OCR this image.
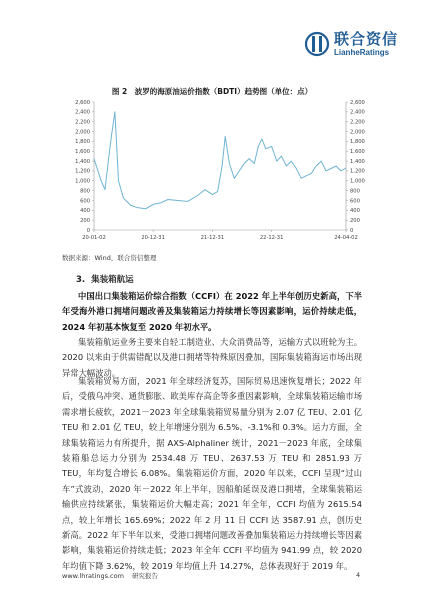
联合资信
LianheRatings
图 2　波罗的海原油运价指数（BDTI）趋势图（单位：点）
0	0
200	200
400	400
600	600
800	800
1,000	1,000
1,200	1,200
1,400	1,400
1,600	1,600
1,800	1,800
2,000	2,000
2,200	2,200
2,400	2,400
2,600	2,600
20-01-02	20-12-31	21-12-31	22-12-31	24-04-02
数据来源：Wind，联合资信整理
3. 集装箱航运
中国出口集装箱运价综合指数（CCFI）在 2022 年上半年创历史新高，下半年受海外港口拥堵问题改善及集装箱运力持续增长等因素影响，运价持续走低，2024 年初基本恢复至 2020 年初水平。
集装箱航运业务主要来自轻工制造业、大众消费品等，运输方式以班轮为主。2020 以来由于供需错配以及港口拥堵等特殊原因叠加，国际集装箱海运市场出现异常大幅波动。
集装箱贸易方面，2021 年全球经济复苏，国际贸易迅速恢复增长；2022 年后，受俄乌冲突、通货膨胀、欧美库存高企等多重因素影响，全球集装箱运输市场需求增长疲软，2021－2023 年全球集装箱贸易量分别为 2.07 亿 TEU、2.01 亿 TEU 和 2.01 亿 TEU，较上年增速分别为 6.5%、-3.1%和 0.3%。运力方面，全球集装箱运力有所提升，据 AXS-Alphaliner 统计，2021－2023 年底，全球集装箱船总运力分别为 2534.48 万 TEU、2637.53 万 TEU 和 2851.93 万 TEU，年均复合增长 6.08%。集装箱运价方面，2020 年以来，CCFI 呈现“过山车”式波动，2020 年－2022 年上半年，因船舶延误及港口拥堵，全球集装箱运输供应持续紧张，集装箱运价大幅走高；2021 年全年，CCFI 均值为 2615.54 点，较上年增长 165.69%；2022 年 2 月 11 日 CCFI 达 3587.91 点，创历史新高。2022 年下半年以来，受港口拥堵问题改善叠加集装箱运力持续增长等因素影响，集装箱运价持续走低；2023 年全年 CCFI 平均值为 941.99 点，较 2020 年均值下降 3.62%，较 2019 年均值上升 14.27%，总体表现好于 2019 年。
www.lhratings.com 研究报告	4
